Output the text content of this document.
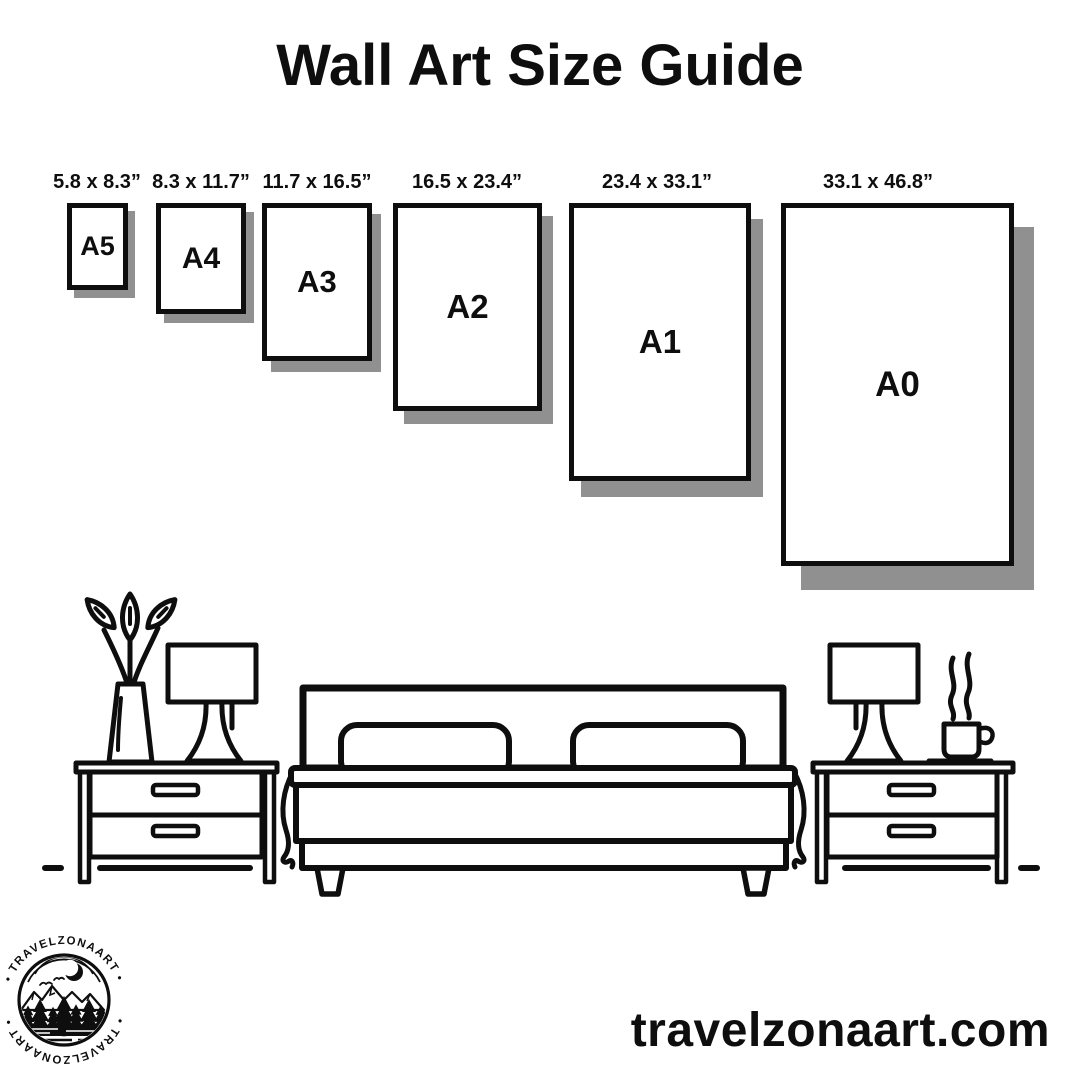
Wall Art Size Guide
5.8 x 8.3” 8.3 x 11.7” 11.7 x 16.5”	16.5 x 23.4”	23.4 x 33.1”	33.1 x 46.8”
A5 A4
A3
A2
A1
A0
• TRAVELZONAART •
• TRAVELZONAART •	travelzonaart.com
